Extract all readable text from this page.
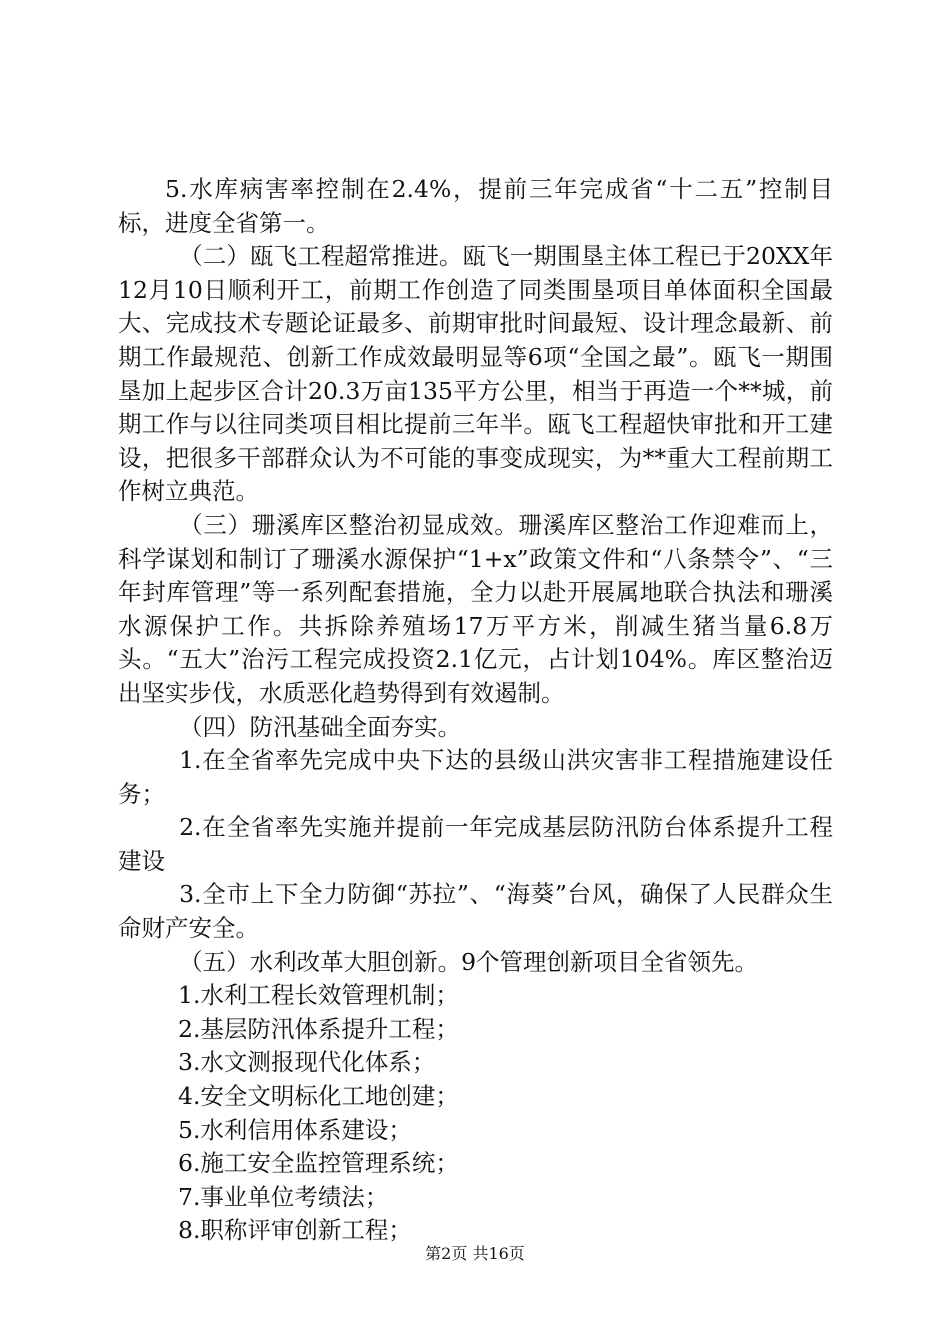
5.水库病害率控制在2.4%，提前三年完成省“十二五”控制目标，进度全省第一。

（二）瓯飞工程超常推进。瓯飞一期围垦主体工程已于20XX年12月10日顺利开工，前期工作创造了同类围垦项目单体面积全国最大、完成技术专题论证最多、前期审批时间最短、设计理念最新、前期工作最规范、创新工作成效最明显等6项“全国之最”。瓯飞一期围垦加上起步区合计20.3万亩135平方公里，相当于再造一个**城，前期工作与以往同类项目相比提前三年半。瓯飞工程超快审批和开工建设，把很多干部群众认为不可能的事变成现实，为**重大工程前期工作树立典范。

（三）珊溪库区整治初显成效。珊溪库区整治工作迎难而上，科学谋划和制订了珊溪水源保护“1+x”政策文件和“八条禁令”、“三年封库管理”等一系列配套措施，全力以赴开展属地联合执法和珊溪水源保护工作。共拆除养殖场17万平方米，削减生猪当量6.8万头。“五大”治污工程完成投资2.1亿元，占计划104%。库区整治迈出坚实步伐，水质恶化趋势得到有效遏制。

（四）防汛基础全面夯实。

1.在全省率先完成中央下达的县级山洪灾害非工程措施建设任务；

2.在全省率先实施并提前一年完成基层防汛防台体系提升工程建设

3.全市上下全力防御“苏拉”、“海葵”台风，确保了人民群众生命财产安全。

（五）水利改革大胆创新。9个管理创新项目全省领先。

1.水利工程长效管理机制；

2.基层防汛体系提升工程；

3.水文测报现代化体系；

4.安全文明标化工地创建；

5.水利信用体系建设；

6.施工安全监控管理系统；

7.事业单位考绩法；

8.职称评审创新工程；

第2页 共16页
